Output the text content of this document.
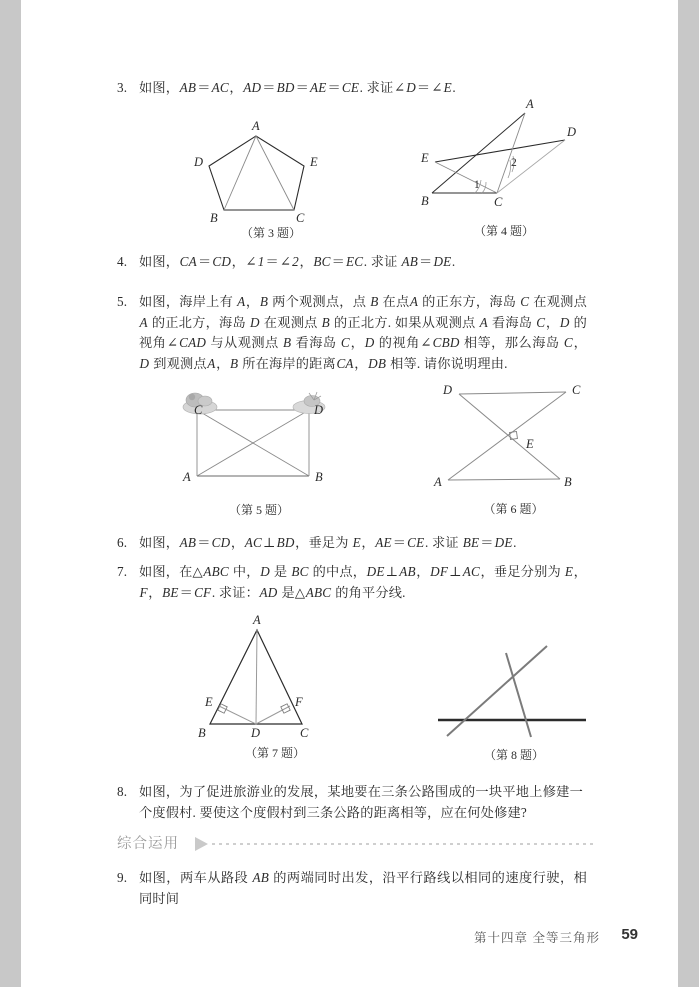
3. 如图，AB＝AC，AD＝BD＝AE＝CE. 求证∠D＝∠E.
A
D	E
B	C
（第 3 题）
A
D
E
B	C
1
2
（第 4 题）
4. 如图，CA＝CD，∠1＝∠2，BC＝EC. 求证 AB＝DE.
5. 如图，海岸上有 A，B 两个观测点，点 B 在点A 的正东方，海岛 C 在观测点 A 的正北方，海岛 D 在观测点 B 的正北方. 如果从观测点 A 看海岛 C，D 的视角∠CAD 与从观测点 B 看海岛 C，D 的视角∠CBD 相等，那么海岛 C，D 到观测点A，B 所在海岸的距离CA，DB 相等. 请你说明理由.
C	D
A	B
（第 5 题）
D	C
E
A	B
（第 6 题）
6. 如图，AB＝CD，AC⊥BD，垂足为 E，AE＝CE. 求证 BE＝DE.
7. 如图，在△ABC 中，D 是 BC 的中点，DE⊥AB，DF⊥AC，垂足分别为 E，F，BE＝CF. 求证：AD 是△ABC 的角平分线.
A
E	F
B	D	C
（第 7 题）	（第 8 题）
8. 如图，为了促进旅游业的发展，某地要在三条公路围成的一块平地上修建一个度假村. 要使这个度假村到三条公路的距离相等，应在何处修建?
综合运用
9. 如图，两车从路段 AB 的两端同时出发，沿平行路线以相同的速度行驶，相同时间
第十四章 全等三角形 59
